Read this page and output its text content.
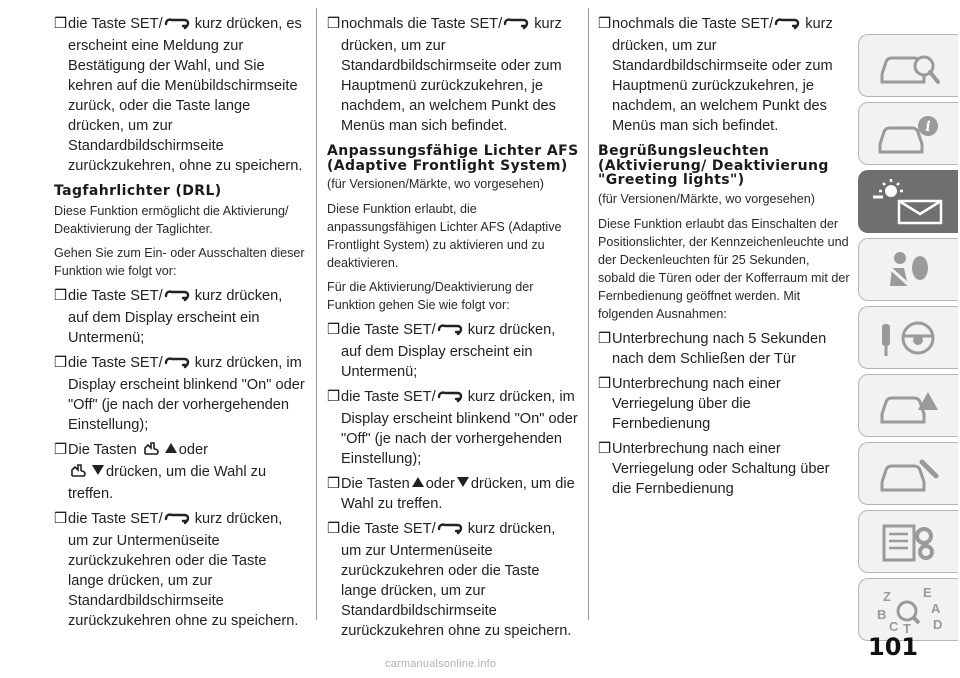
❒ die Taste SET/ kurz drücken, es erscheint eine Meldung zur Bestätigung der Wahl, und Sie kehren auf die Menübildschirmseite zurück, oder die Taste lange drücken, um zur Standardbildschirmseite zurückzukehren, ohne zu speichern.
Tagfahrlichter (DRL)
Diese Funktion ermöglicht die Aktivierung/ Deaktivierung der Taglichter.
Gehen Sie zum Ein- oder Ausschalten dieser Funktion wie folgt vor:
❒ die Taste SET/ kurz drücken, auf dem Display erscheint ein Untermenü;
❒ die Taste SET/ kurz drücken, im Display erscheint blinkend "On" oder "Off" (je nach der vorhergehenden Einstellung);
❒ Die Tasten	oder
drücken, um die Wahl zu treffen.
❒ die Taste SET/ kurz drücken, um zur Untermenüseite zurückzukehren oder die Taste lange drücken, um zur Standardbildschirmseite zurückzukehren ohne zu speichern.
❒ nochmals die Taste SET/ kurz drücken, um zur Standardbildschirmseite oder zum Hauptmenü zurückzukehren, je nachdem, an welchem Punkt des Menüs man sich befindet.
Anpassungsfähige Lichter AFS (Adaptive Frontlight System)
(für Versionen/Märkte, wo vorgesehen)
Diese Funktion erlaubt, die anpassungsfähigen Lichter AFS (Adaptive Frontlight System) zu aktivieren und zu deaktivieren.
Für die Aktivierung/Deaktivierung der Funktion gehen Sie wie folgt vor:
❒ die Taste SET/ kurz drücken, auf dem Display erscheint ein Untermenü;
❒ die Taste SET/ kurz drücken, im Display erscheint blinkend "On" oder "Off" (je nach der vorhergehenden Einstellung);
❒ Die Tasten oder drücken, um die Wahl zu treffen.
❒ die Taste SET/ kurz drücken, um zur Untermenüseite zurückzukehren oder die Taste lange drücken, um zur Standardbildschirmseite zurückzukehren ohne zu speichern.
❒ nochmals die Taste SET/ kurz drücken, um zur Standardbildschirmseite oder zum Hauptmenü zurückzukehren, je nachdem, an welchem Punkt des Menüs man sich befindet.
Begrüßungsleuchten (Aktivierung/ Deaktivierung "Greeting lights")
(für Versionen/Märkte, wo vorgesehen)
Diese Funktion erlaubt das Einschalten der Positionslichter, der Kennzeichenleuchte und der Deckenleuchten für 25 Sekunden, sobald die Türen oder der Kofferraum mit der Fernbedienung geöffnet werden. Mit folgenden Ausnahmen:
❒ Unterbrechung nach 5 Sekunden nach dem Schließen der Tür
❒ Unterbrechung nach einer Verriegelung über die Fernbedienung
❒ Unterbrechung nach einer Verriegelung oder Schaltung über die Fernbedienung
i
Z E
A
B
C T D
101
carmanualsonline.info
